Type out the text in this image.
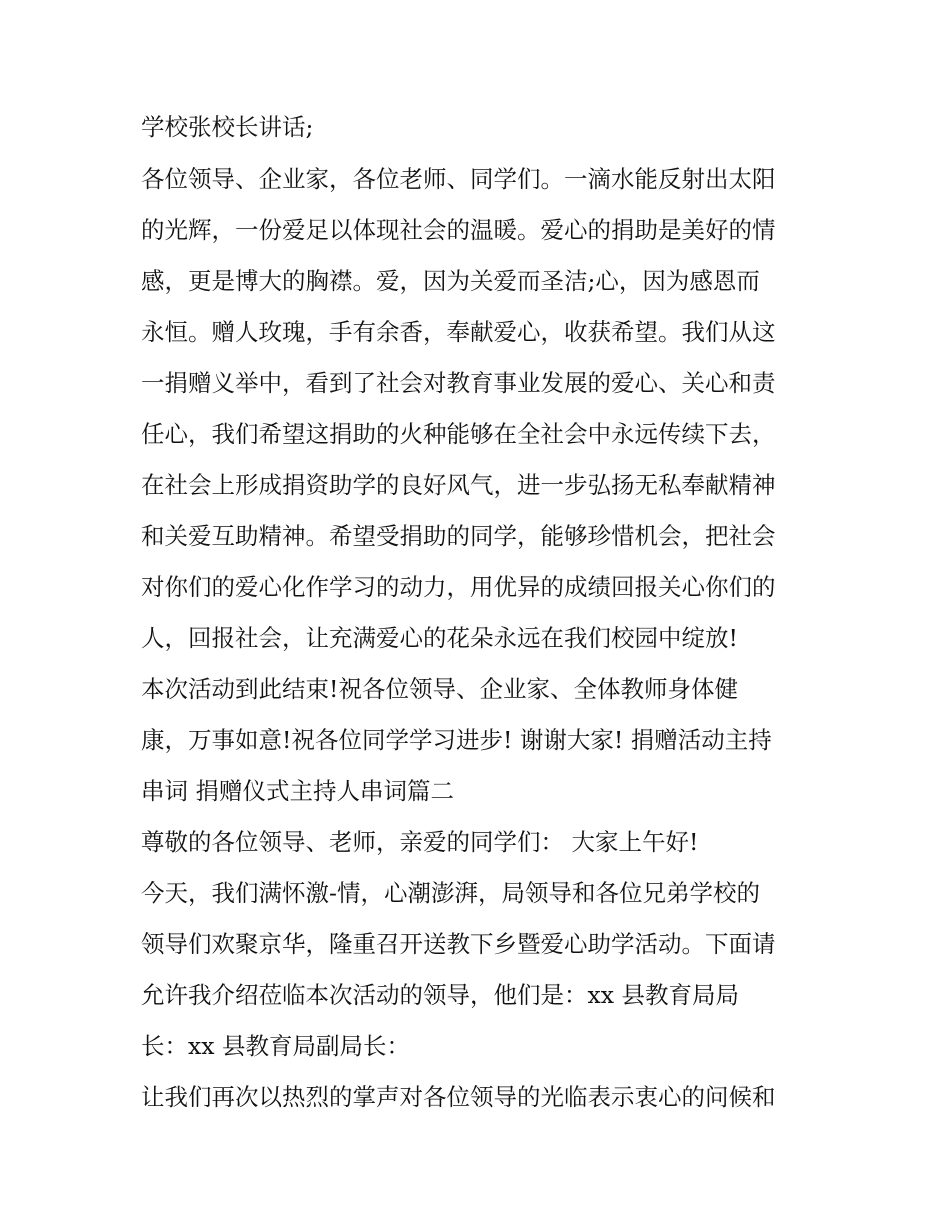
学校张校长讲话;

各位领导、企业家，各位老师、同学们。一滴水能反射出太阳

的光辉，一份爱足以体现社会的温暖。爱心的捐助是美好的情

感，更是博大的胸襟。爱，因为关爱而圣洁;心，因为感恩而

永恒。赠人玫瑰，手有余香，奉献爱心，收获希望。我们从这

一捐赠义举中，看到了社会对教育事业发展的爱心、关心和责

任心，我们希望这捐助的火种能够在全社会中永远传续下去，

在社会上形成捐资助学的良好风气，进一步弘扬无私奉献精神

和关爱互助精神。希望受捐助的同学，能够珍惜机会，把社会

对你们的爱心化作学习的动力，用优异的成绩回报关心你们的

人，回报社会，让充满爱心的花朵永远在我们校园中绽放!

本次活动到此结束!祝各位领导、企业家、全体教师身体健

康，万事如意!祝各位同学学习进步! 谢谢大家! 捐赠活动主持

串词 捐赠仪式主持人串词篇二

尊敬的各位领导、老师，亲爱的同学们： 大家上午好!

今天，我们满怀激-情，心潮澎湃，局领导和各位兄弟学校的

领导们欢聚京华，隆重召开送教下乡暨爱心助学活动。下面请

允许我介绍莅临本次活动的领导，他们是：xx 县教育局局

长：xx 县教育局副局长：

让我们再次以热烈的掌声对各位领导的光临表示衷心的问候和
